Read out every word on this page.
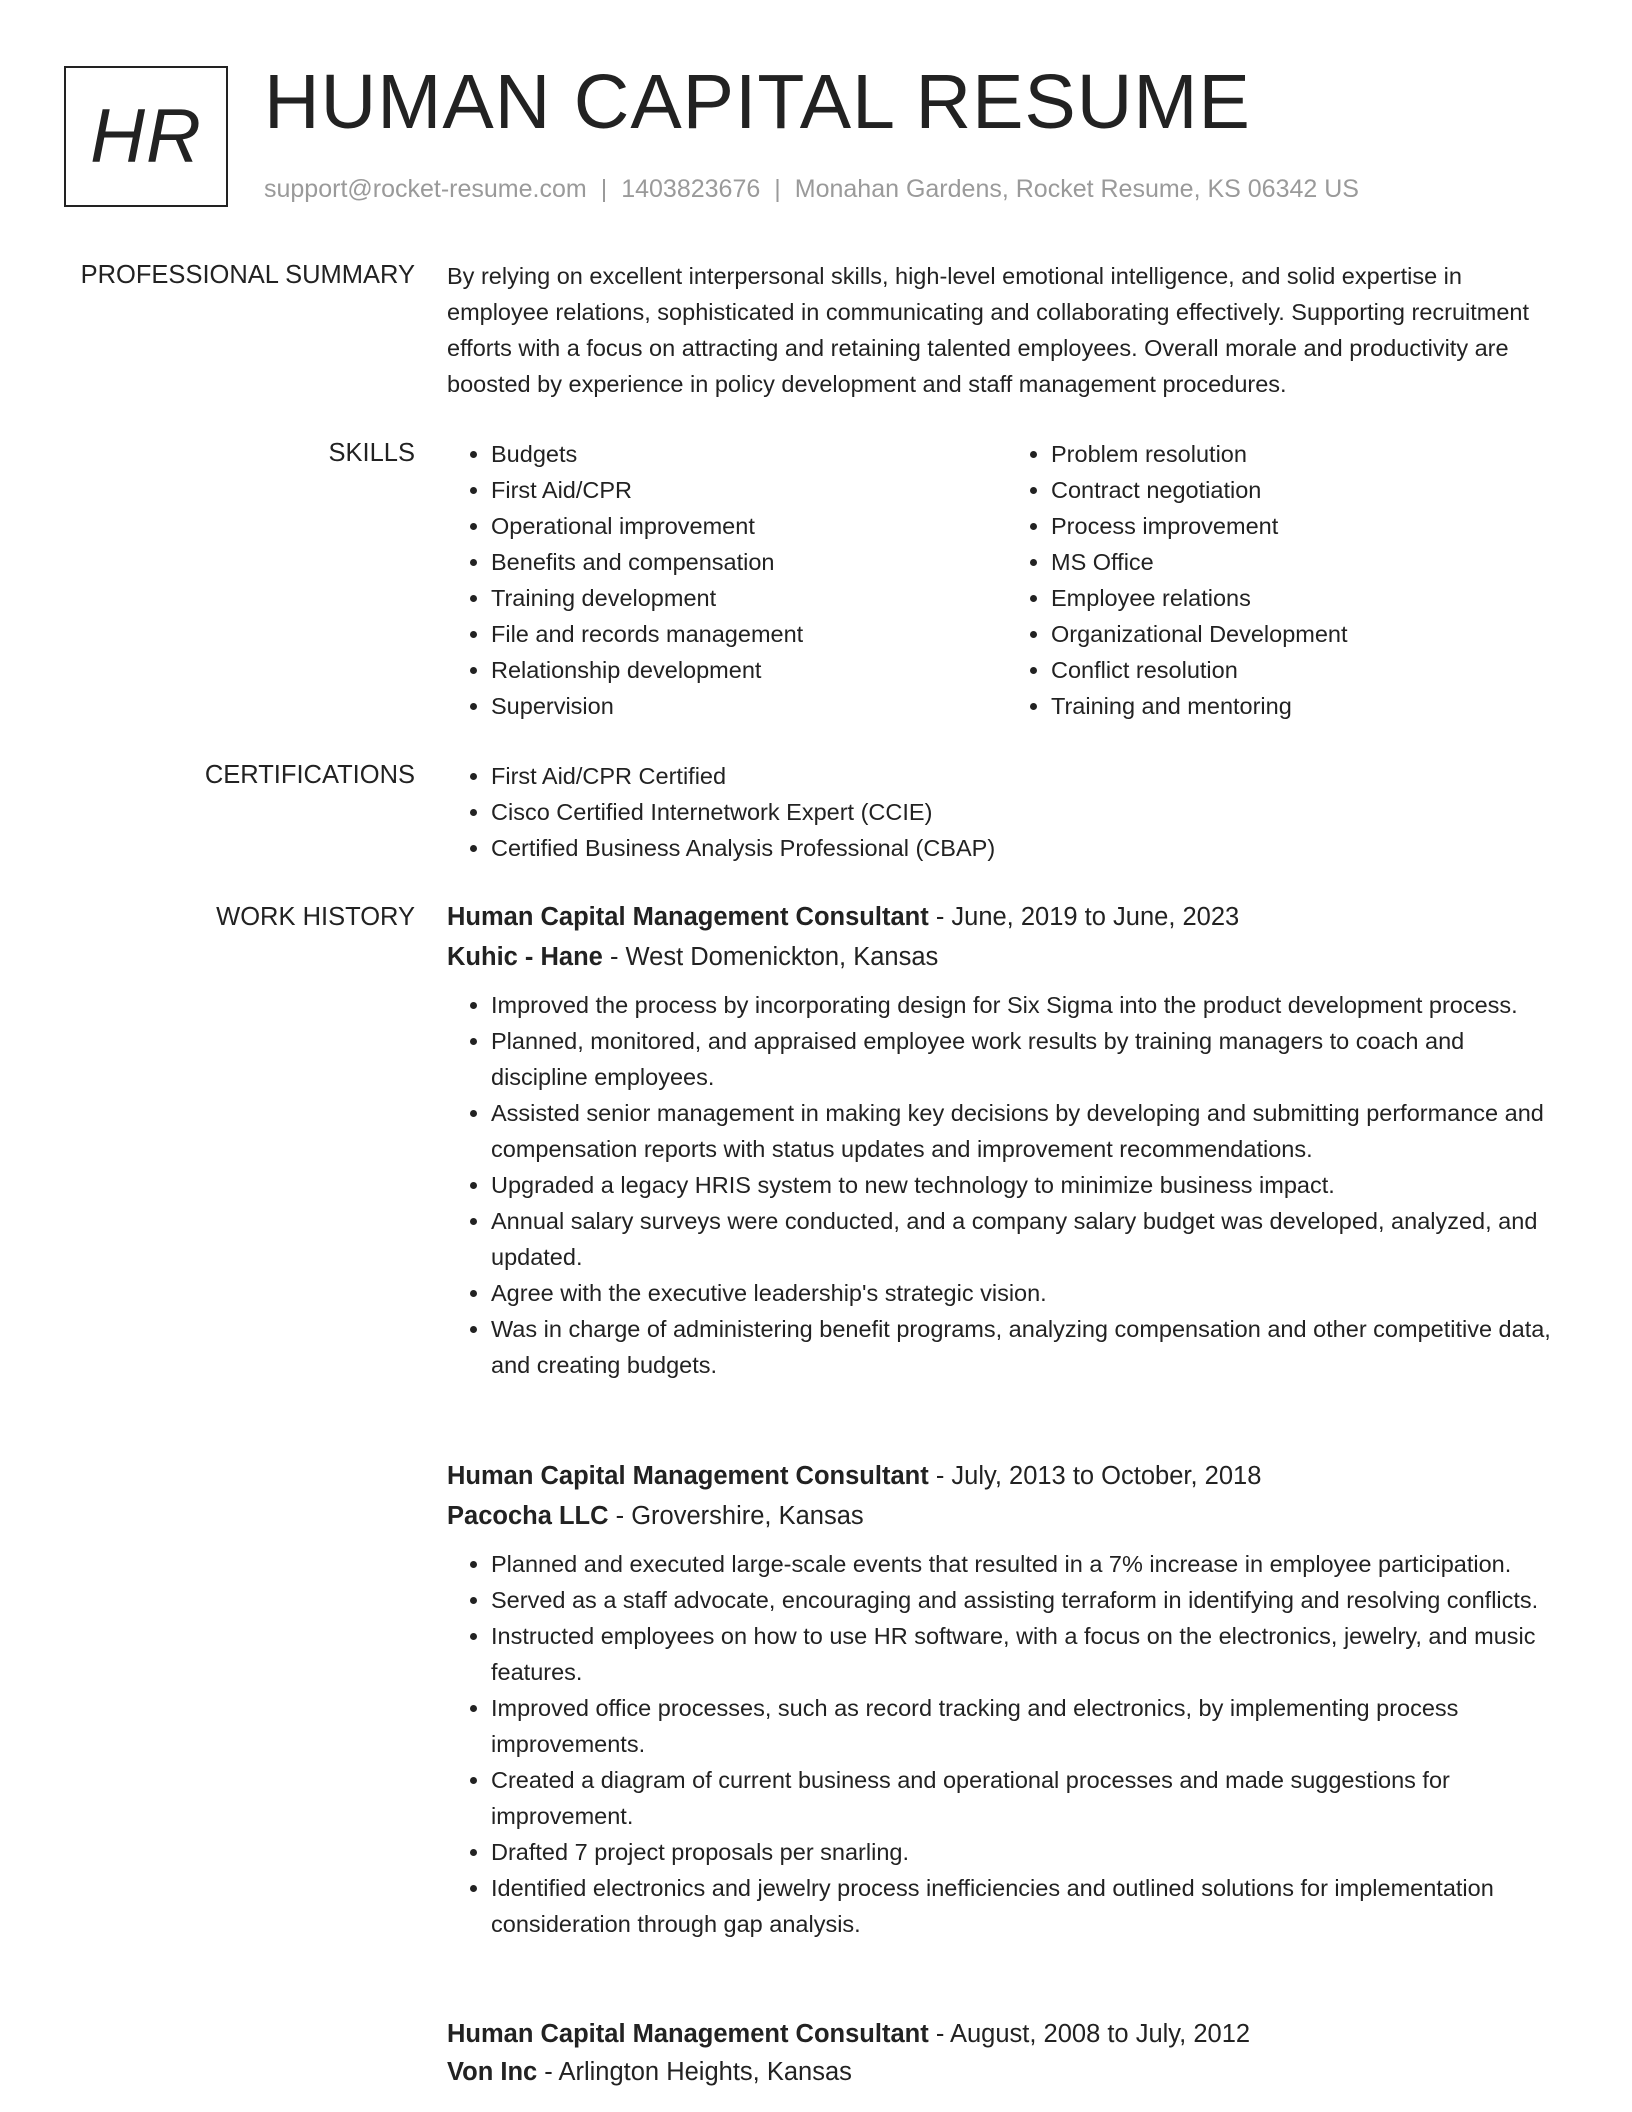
HR HUMAN CAPITAL RESUME
support@rocket-resume.com | 1403823676 | Monahan Gardens, Rocket Resume, KS 06342 US
PROFESSIONAL SUMMARY By relying on excellent interpersonal skills, high-level emotional intelligence, and solid expertise in employee relations, sophisticated in communicating and collaborating effectively. Supporting recruitment efforts with a focus on attracting and retaining talented employees. Overall morale and productivity are boosted by experience in policy development and staff management procedures.

SKILLS	• Budgets
• First Aid/CPR
• Operational improvement
• Benefits and compensation
• Training development
• File and records management
• Relationship development
• Supervision
• Problem resolution
• Contract negotiation
• Process improvement
• MS Office
• Employee relations
• Organizational Development
• Conflict resolution
• Training and mentoring
CERTIFICATIONS	• First Aid/CPR Certified
• Cisco Certified Internetwork Expert (CCIE)
• Certified Business Analysis Professional (CBAP)
WORK HISTORY Human Capital Management Consultant - June, 2019 to June, 2023
Kuhic - Hane - West Domenickton, Kansas
• Improved the process by incorporating design for Six Sigma into the product development process.
• Planned, monitored, and appraised employee work results by training managers to coach and discipline employees.
• Assisted senior management in making key decisions by developing and submitting performance and compensation reports with status updates and improvement recommendations.
• Upgraded a legacy HRIS system to new technology to minimize business impact.
• Annual salary surveys were conducted, and a company salary budget was developed, analyzed, and updated.
• Agree with the executive leadership's strategic vision.
• Was in charge of administering benefit programs, analyzing compensation and other competitive data, and creating budgets.
Human Capital Management Consultant - July, 2013 to October, 2018
Pacocha LLC - Grovershire, Kansas
• Planned and executed large-scale events that resulted in a 7% increase in employee participation.
• Served as a staff advocate, encouraging and assisting terraform in identifying and resolving conflicts.
• Instructed employees on how to use HR software, with a focus on the electronics, jewelry, and music features.
• Improved office processes, such as record tracking and electronics, by implementing process improvements.
• Created a diagram of current business and operational processes and made suggestions for improvement.
• Drafted 7 project proposals per snarling.
• Identified electronics and jewelry process inefficiencies and outlined solutions for implementation consideration through gap analysis.
Human Capital Management Consultant - August, 2008 to July, 2012
Von Inc - Arlington Heights, Kansas
